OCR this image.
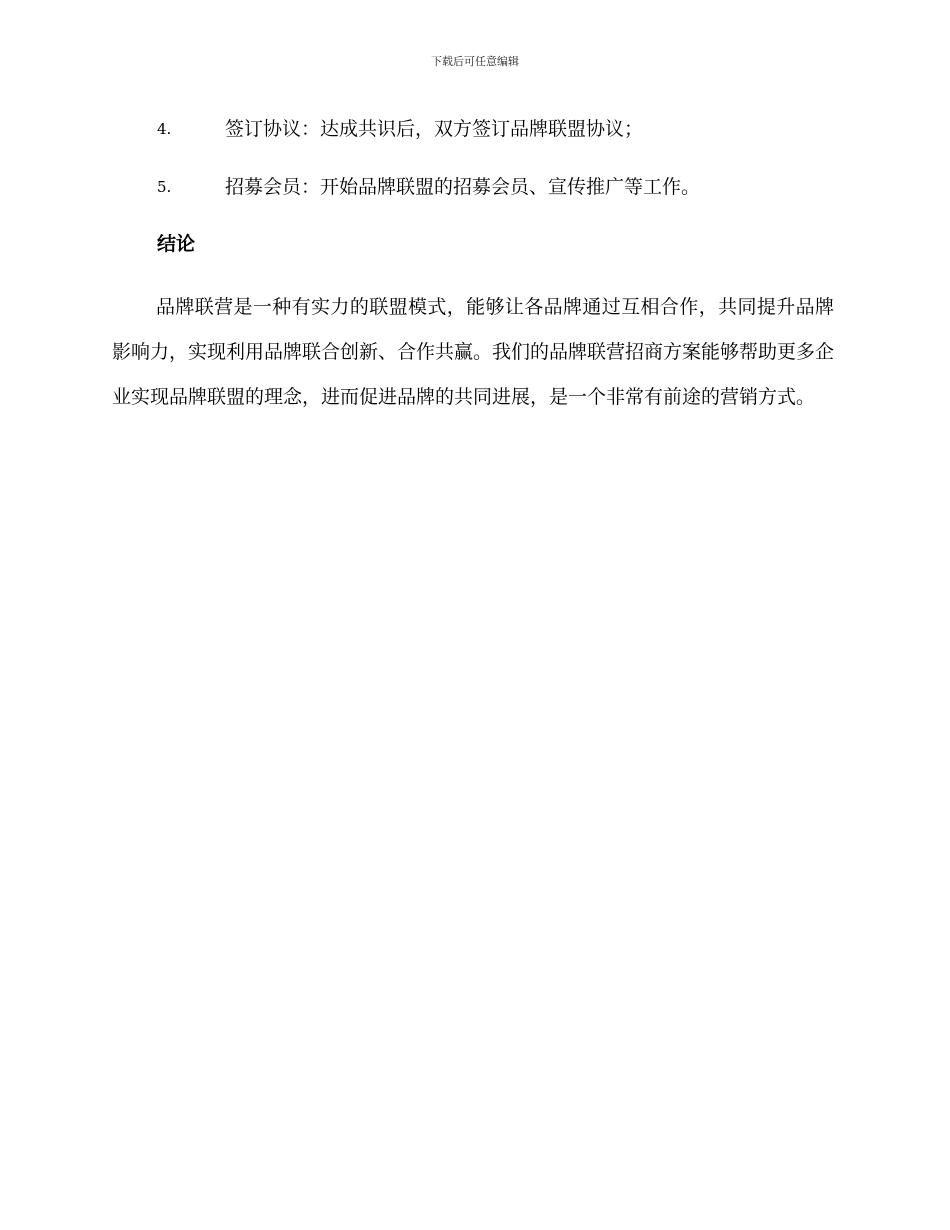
下载后可任意编辑
4.	签订协议：达成共识后，双方签订品牌联盟协议；
5.	招募会员：开始品牌联盟的招募会员、宣传推广等工作。
结论

品牌联营是一种有实力的联盟模式，能够让各品牌通过互相合作，共同提升品牌影响力，实现利用品牌联合创新、合作共赢。我们的品牌联营招商方案能够帮助更多企业实现品牌联盟的理念，进而促进品牌的共同进展，是一个非常有前途的营销方式。
